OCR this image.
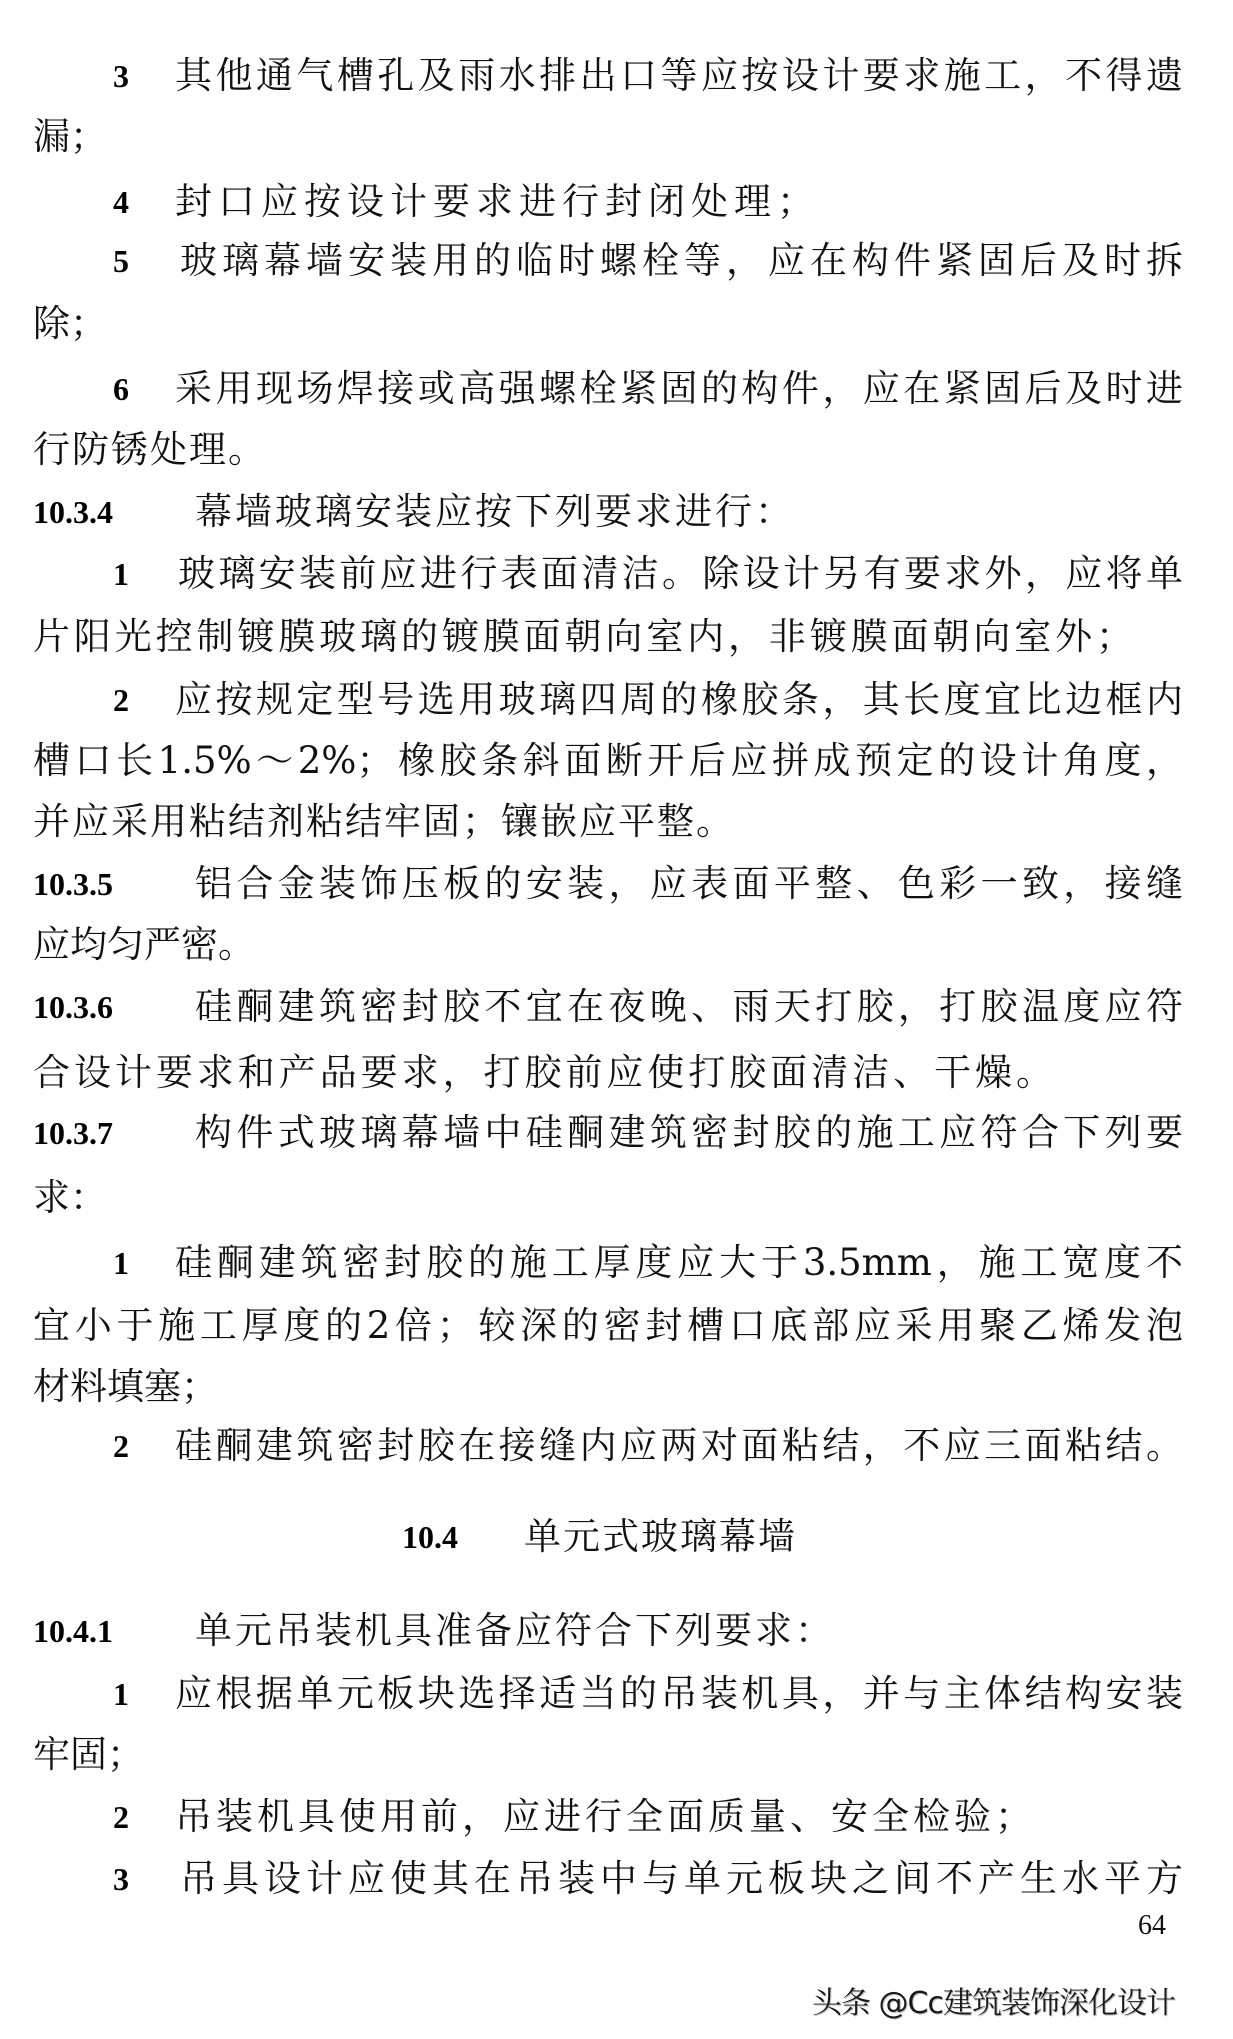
3 其他通气槽孔及雨水排出口等应按设计要求施工，不得遗
漏；
4 封口应按设计要求进行封闭处理；
5 玻璃幕墙安装用的临时螺栓等，应在构件紧固后及时拆
除；
6 采用现场焊接或高强螺栓紧固的构件，应在紧固后及时进
行防锈处理。
10.3.4 幕墙玻璃安装应按下列要求进行：
1 玻璃安装前应进行表面清洁。除设计另有要求外，应将单
片阳光控制镀膜玻璃的镀膜面朝向室内，非镀膜面朝向室外；
2 应按规定型号选用玻璃四周的橡胶条，其长度宜比边框内
槽口长1.5%～2%；橡胶条斜面断开后应拼成预定的设计角度，
并应采用粘结剂粘结牢固；镶嵌应平整。
10.3.5 铝合金装饰压板的安装，应表面平整、色彩一致，接缝
应均匀严密。
10.3.6 硅酮建筑密封胶不宜在夜晚、雨天打胶，打胶温度应符
合设计要求和产品要求，打胶前应使打胶面清洁、干燥。
10.3.7 构件式玻璃幕墙中硅酮建筑密封胶的施工应符合下列要
求：
1 硅酮建筑密封胶的施工厚度应大于3.5mm，施工宽度不
宜小于施工厚度的2倍；较深的密封槽口底部应采用聚乙烯发泡
材料填塞；
2 硅酮建筑密封胶在接缝内应两对面粘结，不应三面粘结。
10.4 单元式玻璃幕墙
10.4.1 单元吊装机具准备应符合下列要求：
1 应根据单元板块选择适当的吊装机具，并与主体结构安装
牢固；
2 吊装机具使用前，应进行全面质量、安全检验；
3 吊具设计应使其在吊装中与单元板块之间不产生水平方
64
头条 @Cc建筑装饰深化设计
